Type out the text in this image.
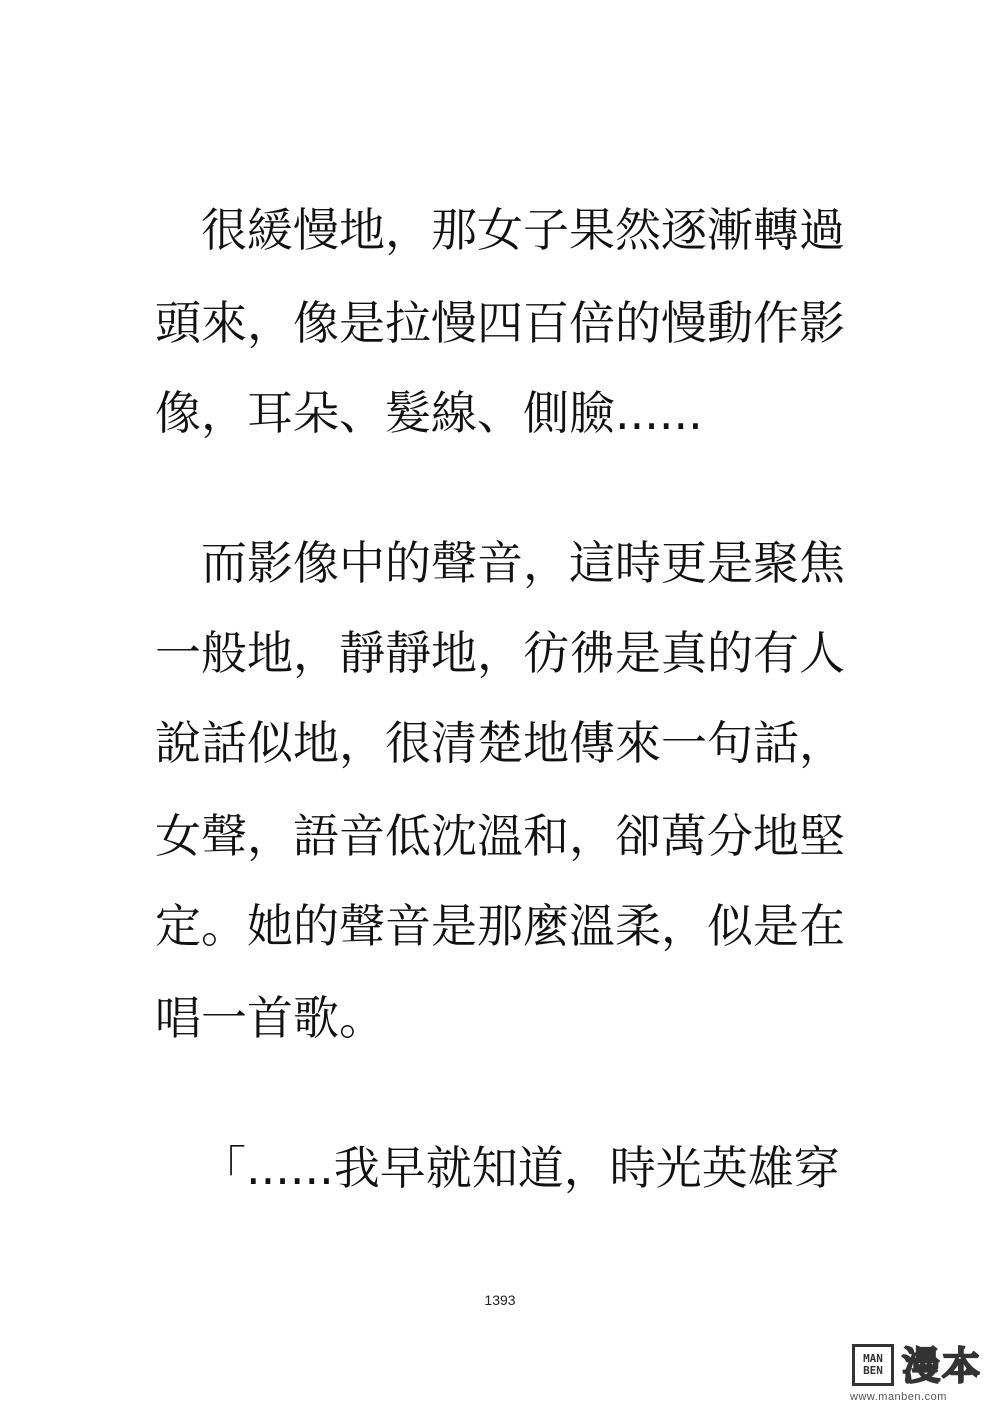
　很緩慢地，那女子果然逐漸轉過
頭來，像是拉慢四百倍的慢動作影
像，耳朵、髮線、側臉......
　而影像中的聲音，這時更是聚焦
一般地，靜靜地，彷彿是真的有人
說話似地，很清楚地傳來一句話，
女聲，語音低沈溫和，卻萬分地堅
定。她的聲音是那麼溫柔，似是在
唱一首歌。
「......我早就知道，時光英雄穿
1393
MAN
BEN 漫本
www.manben.com
